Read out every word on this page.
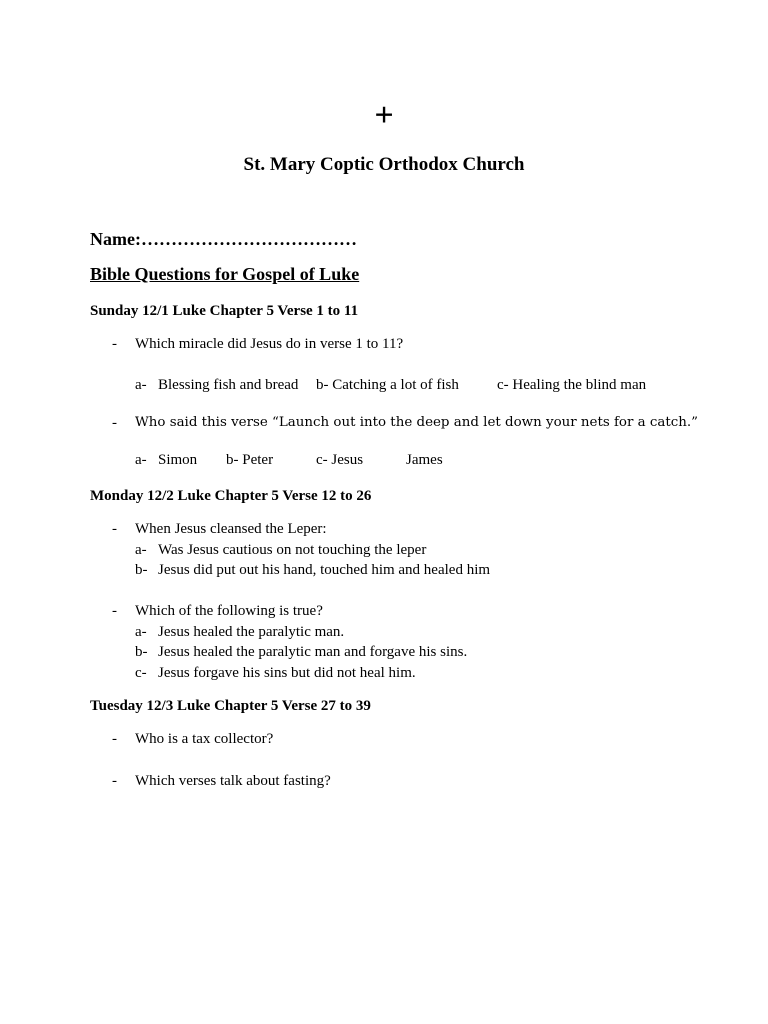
+
St. Mary Coptic Orthodox Church
Name:………………………………
Bible Questions for Gospel of Luke
Sunday 12/1 Luke Chapter 5 Verse 1 to 11
- Which miracle did Jesus do in verse 1 to 11?
a- Blessing fish and bread b- Catching a lot of fish	c- Healing the blind man
- Who said this verse “Launch out into the deep and let down your nets for a catch.”
a- Simon b- Peter	c- Jesus	James
Monday 12/2 Luke Chapter 5 Verse 12 to 26
- When Jesus cleansed the Leper:
a- Was Jesus cautious on not touching the leper
b- Jesus did put out his hand, touched him and healed him
- Which of the following is true?
a- Jesus healed the paralytic man.
b- Jesus healed the paralytic man and forgave his sins.
c- Jesus forgave his sins but did not heal him.
Tuesday 12/3 Luke Chapter 5 Verse 27 to 39
- Who is a tax collector?
- Which verses talk about fasting?
